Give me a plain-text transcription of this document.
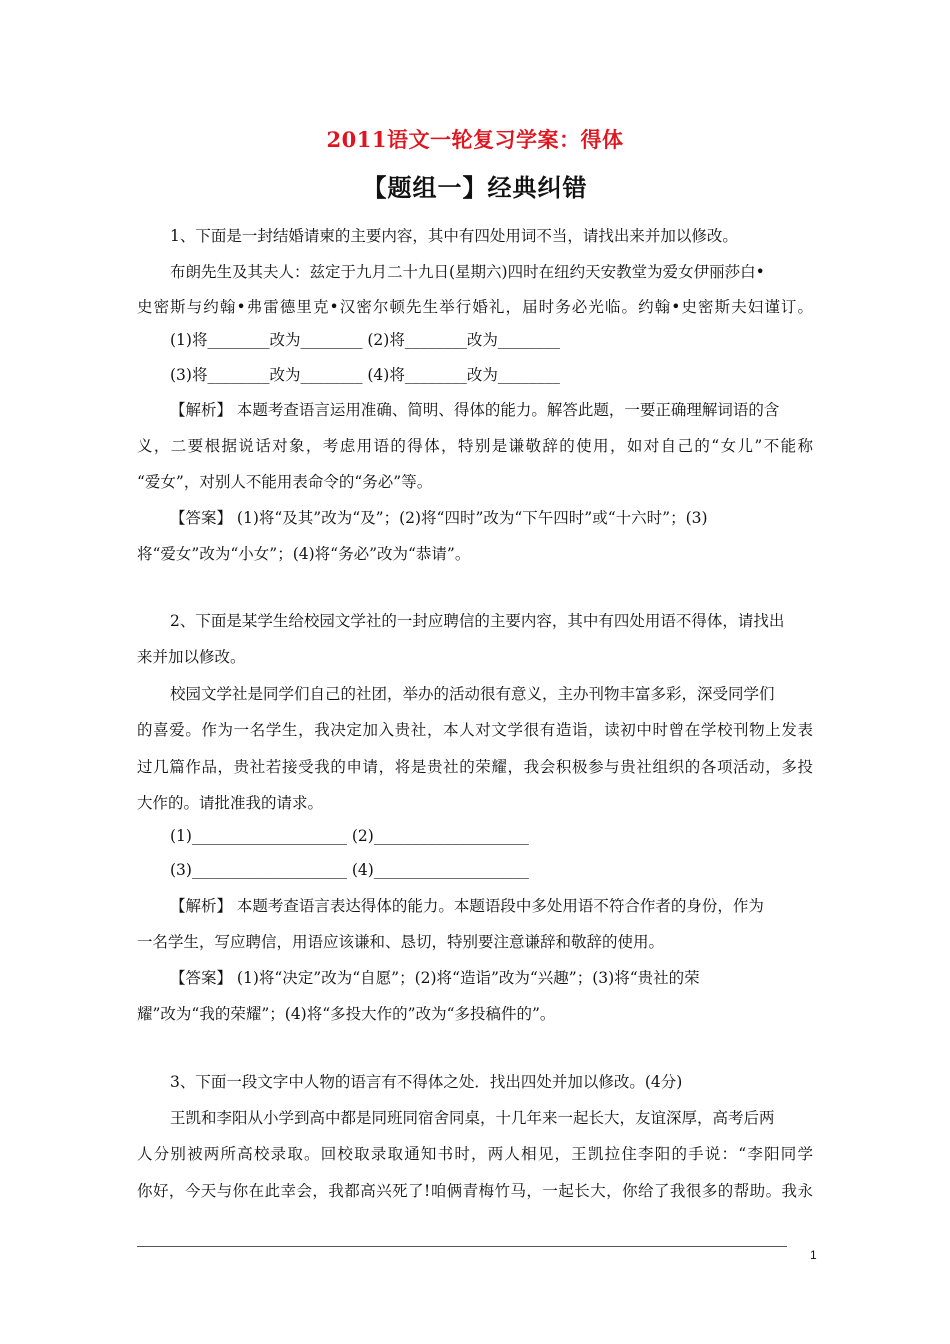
2011语文一轮复习学案：得体
【题组一】经典纠错
1、下面是一封结婚请柬的主要内容，其中有四处用词不当，请找出来并加以修改。
布朗先生及其夫人：兹定于九月二十九日(星期六)四时在纽约天安教堂为爱女伊丽莎白•
史密斯与约翰•弗雷德里克•汉密尔顿先生举行婚礼，届时务必光临。约翰•史密斯夫妇谨订。
(1)将________改为________ (2)将________改为________
(3)将________改为________ (4)将________改为________
【解析】 本题考查语言运用准确、简明、得体的能力。解答此题，一要正确理解词语的含
义，二要根据说话对象，考虑用语的得体，特别是谦敬辞的使用，如对自己的“女儿”不能称
“爱女”，对别人不能用表命令的“务必”等。
【答案】 (1)将“及其”改为“及”；(2)将“四时”改为“下午四时”或“十六时”；(3)
将“爱女”改为“小女”；(4)将“务必”改为“恭请”。
2、下面是某学生给校园文学社的一封应聘信的主要内容，其中有四处用语不得体，请找出
来并加以修改。
校园文学社是同学们自己的社团，举办的活动很有意义，主办刊物丰富多彩，深受同学们
的喜爱。作为一名学生，我决定加入贵社，本人对文学很有造诣，读初中时曾在学校刊物上发表
过几篇作品，贵社若接受我的申请，将是贵社的荣耀，我会积极参与贵社组织的各项活动，多投
大作的。请批准我的请求。
(1)____________________ (2)____________________
(3)____________________ (4)____________________
【解析】 本题考查语言表达得体的能力。本题语段中多处用语不符合作者的身份，作为
一名学生，写应聘信，用语应该谦和、恳切，特别要注意谦辞和敬辞的使用。
【答案】 (1)将“决定”改为“自愿”；(2)将“造诣”改为“兴趣”；(3)将“贵社的荣
耀”改为“我的荣耀”；(4)将“多投大作的”改为“多投稿件的”。
3、下面一段文字中人物的语言有不得体之处．找出四处并加以修改。(4分)
王凯和李阳从小学到高中都是同班同宿舍同桌，十几年来一起长大，友谊深厚，高考后两
人分别被两所高校录取。回校取录取通知书时，两人相见，王凯拉住李阳的手说：“李阳同学
你好，今天与你在此幸会，我都高兴死了!咱俩青梅竹马，一起长大，你给了我很多的帮助。我永
1
